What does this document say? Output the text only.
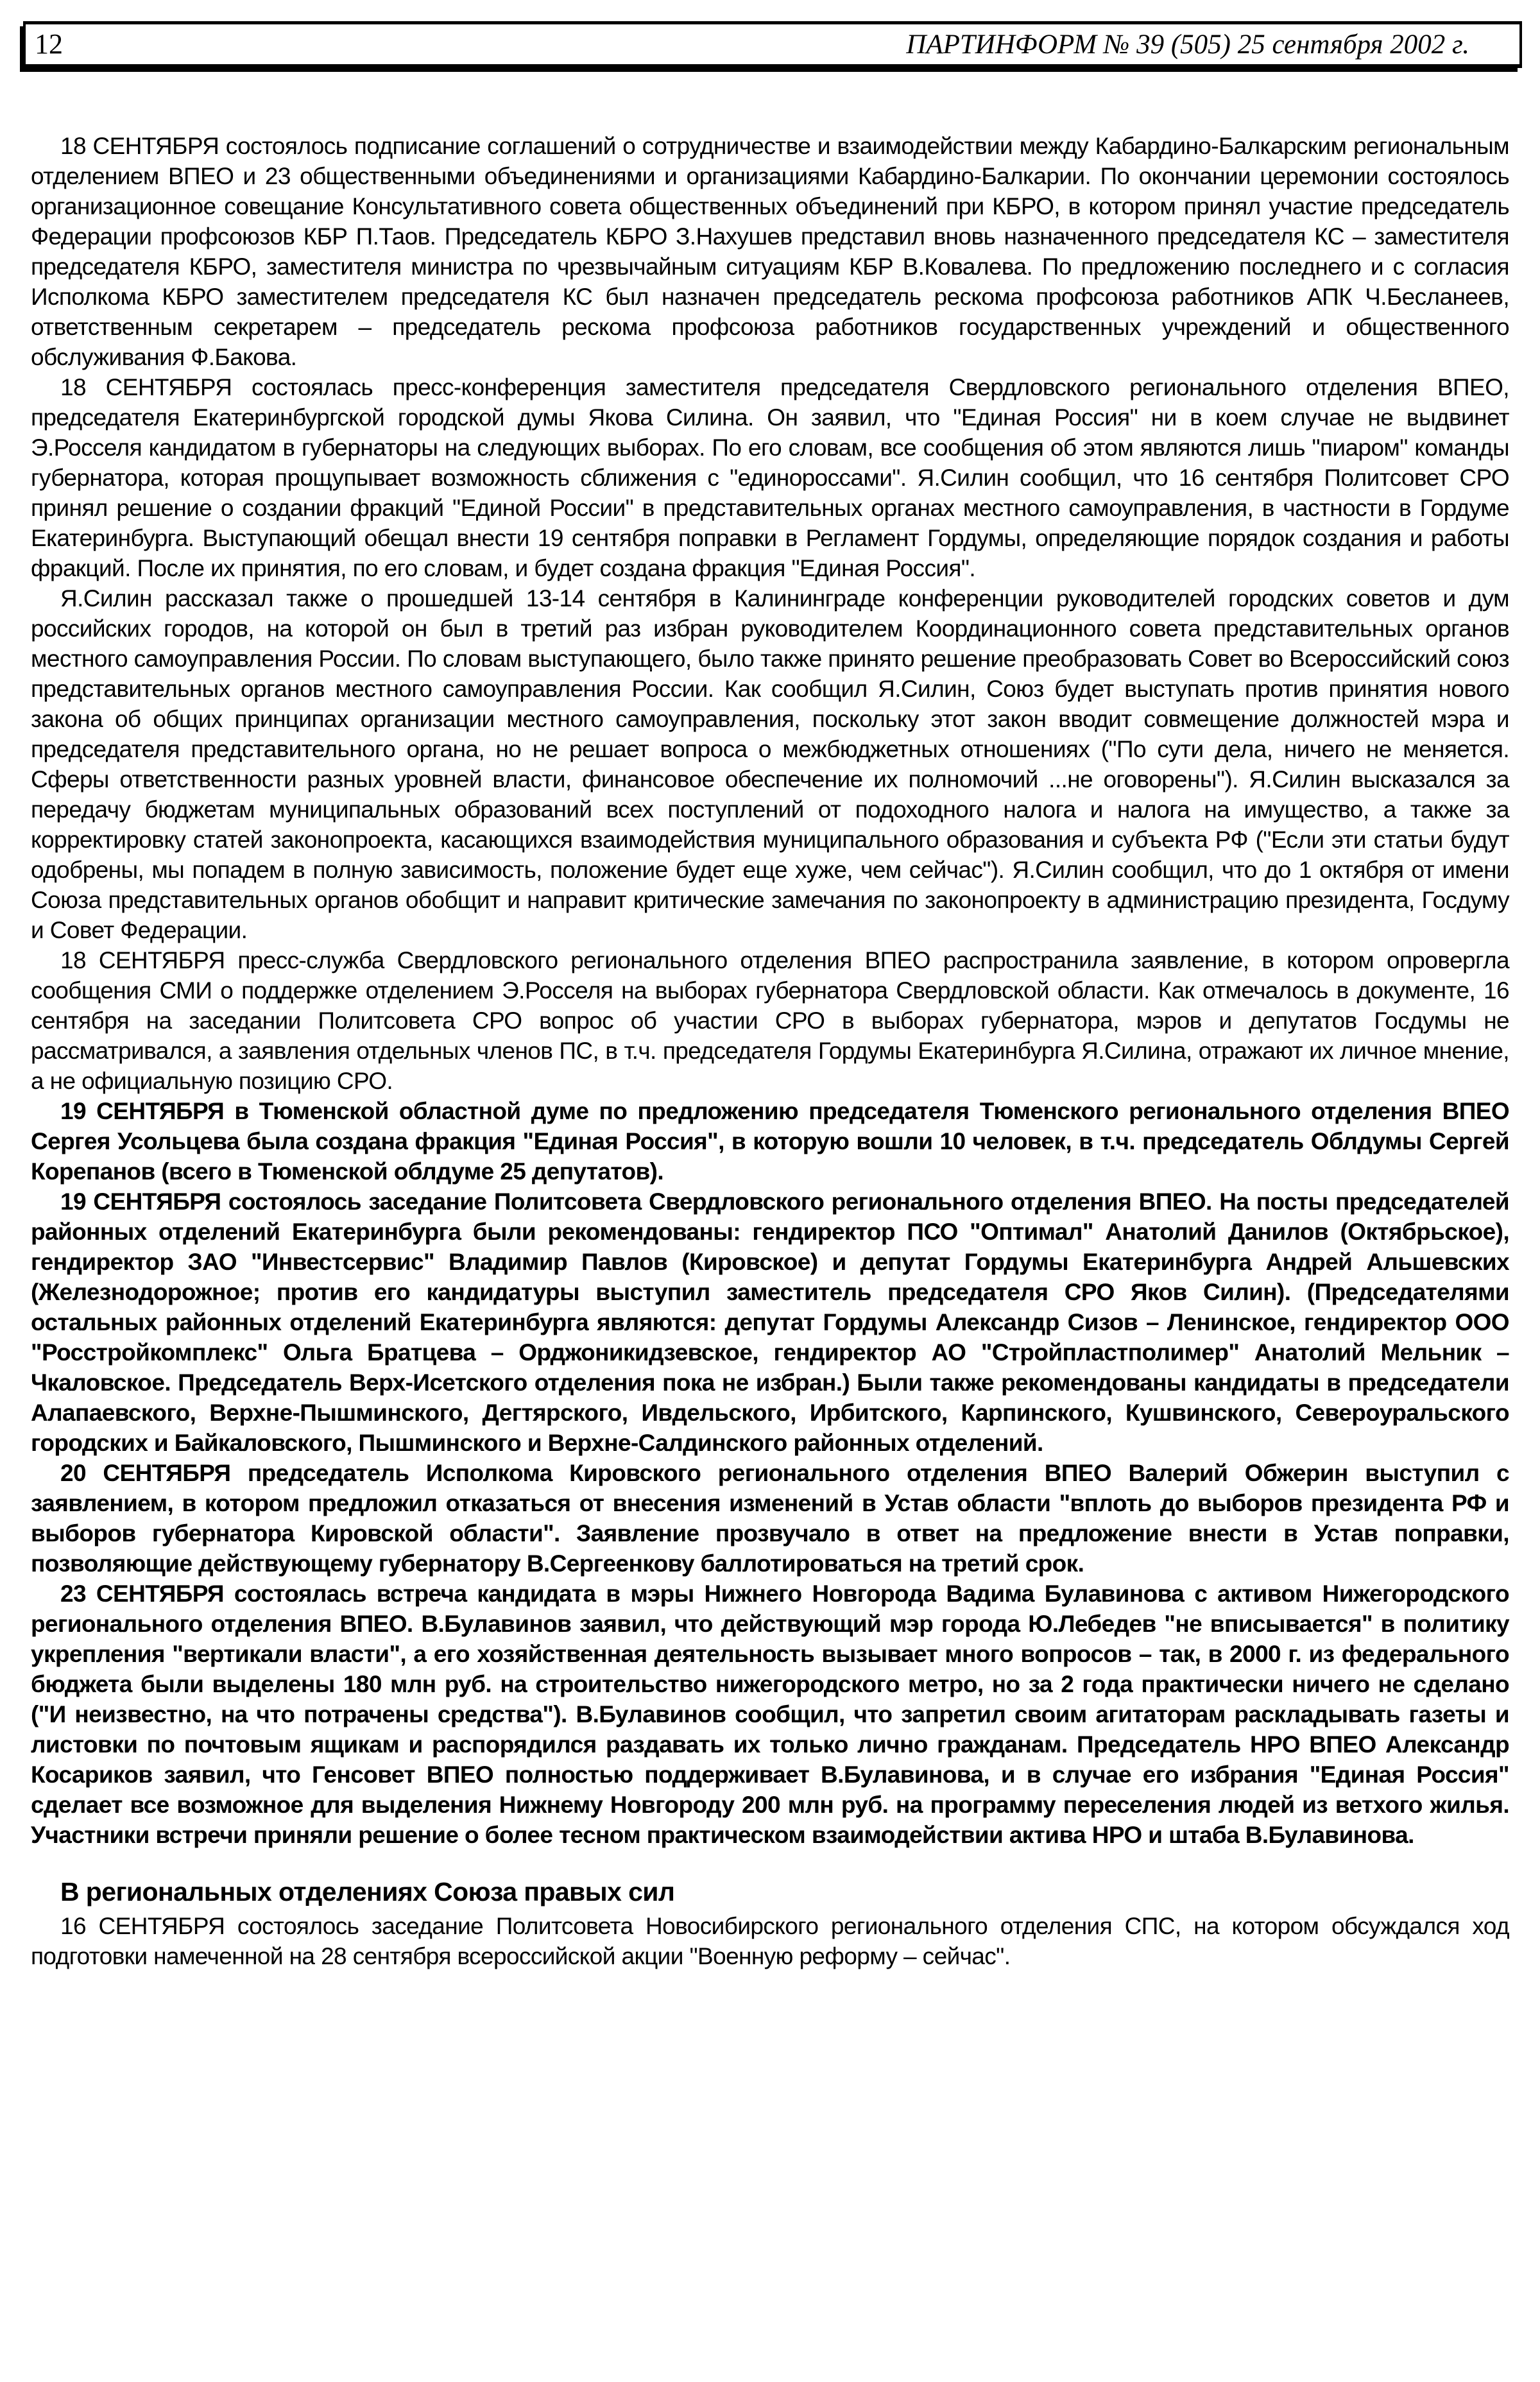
12	ПАРТИНФОРМ № 39 (505) 25 сентября 2002 г.

18 СЕНТЯБРЯ состоялось подписание соглашений о сотрудничестве и взаимодействии между Кабардино-Балкарским региональным отделением ВПЕО и 23 общественными объединениями и организациями Кабардино-Балкарии. По окончании церемонии состоялось организационное совещание Консультативного совета общественных объединений при КБРО, в котором принял участие председатель Федерации профсоюзов КБР П.Таов. Председатель КБРО З.Нахушев представил вновь назначенного председателя КС – заместителя председателя КБРО, заместителя министра по чрезвычайным ситуациям КБР В.Ковалева. По предложению последнего и с согласия Исполкома КБРО заместителем председателя КС был назначен председатель рескома профсоюза работников АПК Ч.Бесланеев, ответственным секретарем – председатель рескома профсоюза работников государственных учреждений и общественного обслуживания Ф.Бакова.

18 СЕНТЯБРЯ состоялась пресс-конференция заместителя председателя Свердловского регионального отделения ВПЕО, председателя Екатеринбургской городской думы Якова Силина. Он заявил, что "Единая Россия" ни в коем случае не выдвинет Э.Росселя кандидатом в губернаторы на следующих выборах. По его словам, все сообщения об этом являются лишь "пиаром" команды губернатора, которая прощупывает возможность сближения с "единороссами". Я.Силин сообщил, что 16 сентября Политсовет СРО принял решение о создании фракций "Единой России" в представительных органах местного самоуправления, в частности в Гордуме Екатеринбурга. Выступающий обещал внести 19 сентября поправки в Регламент Гордумы, определяющие порядок создания и работы фракций. После их принятия, по его словам, и будет создана фракция "Единая Россия".

Я.Силин рассказал также о прошедшей 13-14 сентября в Калининграде конференции руководителей городских советов и дум российских городов, на которой он был в третий раз избран руководителем Координационного совета представительных органов местного самоуправления России. По словам выступающего, было также принято решение преобразовать Совет во Всероссийский союз представительных органов местного самоуправления России. Как сообщил Я.Силин, Союз будет выступать против принятия нового закона об общих принципах организации местного самоуправления, поскольку этот закон вводит совмещение должностей мэра и председателя представительного органа, но не решает вопроса о межбюджетных отношениях ("По сути дела, ничего не меняется. Сферы ответственности разных уровней власти, финансовое обеспечение их полномочий ...не оговорены"). Я.Силин высказался за передачу бюджетам муниципальных образований всех поступлений от подоходного налога и налога на имущество, а также за корректировку статей законопроекта, касающихся взаимодействия муниципального образования и субъекта РФ ("Если эти статьи будут одобрены, мы попадем в полную зависимость, положение будет еще хуже, чем сейчас"). Я.Силин сообщил, что до 1 октября от имени Союза представительных органов обобщит и направит критические замечания по законопроекту в администрацию президента, Госдуму и Совет Федерации.

18 СЕНТЯБРЯ пресс-служба Свердловского регионального отделения ВПЕО распространила заявление, в котором опровергла сообщения СМИ о поддержке отделением Э.Росселя на выборах губернатора Свердловской области. Как отмечалось в документе, 16 сентября на заседании Политсовета СРО вопрос об участии СРО в выборах губернатора, мэров и депутатов Госдумы не рассматривался, а заявления отдельных членов ПС, в т.ч. председателя Гордумы Екатеринбурга Я.Силина, отражают их личное мнение, а не официальную позицию СРО.

19 СЕНТЯБРЯ в Тюменской областной думе по предложению председателя Тюменского регионального отделения ВПЕО Сергея Усольцева была создана фракция "Единая Россия", в которую вошли 10 человек, в т.ч. председатель Облдумы Сергей Корепанов (всего в Тюменской облдуме 25 депутатов).

19 СЕНТЯБРЯ состоялось заседание Политсовета Свердловского регионального отделения ВПЕО. На посты председателей районных отделений Екатеринбурга были рекомендованы: гендиректор ПСО "Оптимал" Анатолий Данилов (Октябрьское), гендиректор ЗАО "Инвестсервис" Владимир Павлов (Кировское) и депутат Гордумы Екатеринбурга Андрей Альшевских (Железнодорожное; против его кандидатуры выступил заместитель председателя СРО Яков Силин). (Председателями остальных районных отделений Екатеринбурга являются: депутат Гордумы Александр Сизов – Ленинское, гендиректор ООО "Росстройкомплекс" Ольга Братцева – Орджоникидзевское, гендиректор АО "Стройпластполимер" Анатолий Мельник – Чкаловское. Председатель Верх-Исетского отделения пока не избран.) Были также рекомендованы кандидаты в председатели Алапаевского, Верхне-Пышминского, Дегтярского, Ивдельского, Ирбитского, Карпинского, Кушвинского, Североуральского городских и Байкаловского, Пышминского и Верхне-Салдинского районных отделений.

20 СЕНТЯБРЯ председатель Исполкома Кировского регионального отделения ВПЕО Валерий Обжерин выступил с заявлением, в котором предложил отказаться от внесения изменений в Устав области "вплоть до выборов президента РФ и выборов губернатора Кировской области". Заявление прозвучало в ответ на предложение внести в Устав поправки, позволяющие действующему губернатору В.Сергеенкову баллотироваться на третий срок.

23 СЕНТЯБРЯ состоялась встреча кандидата в мэры Нижнего Новгорода Вадима Булавинова с активом Нижегородского регионального отделения ВПЕО. В.Булавинов заявил, что действующий мэр города Ю.Лебедев "не вписывается" в политику укрепления "вертикали власти", а его хозяйственная деятельность вызывает много вопросов – так, в 2000 г. из федерального бюджета были выделены 180 млн руб. на строительство нижегородского метро, но за 2 года практически ничего не сделано ("И неизвестно, на что потрачены средства"). В.Булавинов сообщил, что запретил своим агитаторам раскладывать газеты и листовки по почтовым ящикам и распорядился раздавать их только лично гражданам. Председатель НРО ВПЕО Александр Косариков заявил, что Генсовет ВПЕО полностью поддерживает В.Булавинова, и в случае его избрания "Единая Россия" сделает все возможное для выделения Нижнему Новгороду 200 млн руб. на программу переселения людей из ветхого жилья. Участники встречи приняли решение о более тесном практическом взаимодействии актива НРО и штаба В.Булавинова.

В региональных отделениях Союза правых сил

16 СЕНТЯБРЯ состоялось заседание Политсовета Новосибирского регионального отделения СПС, на котором обсуждался ход подготовки намеченной на 28 сентября всероссийской акции "Военную реформу – сейчас".
